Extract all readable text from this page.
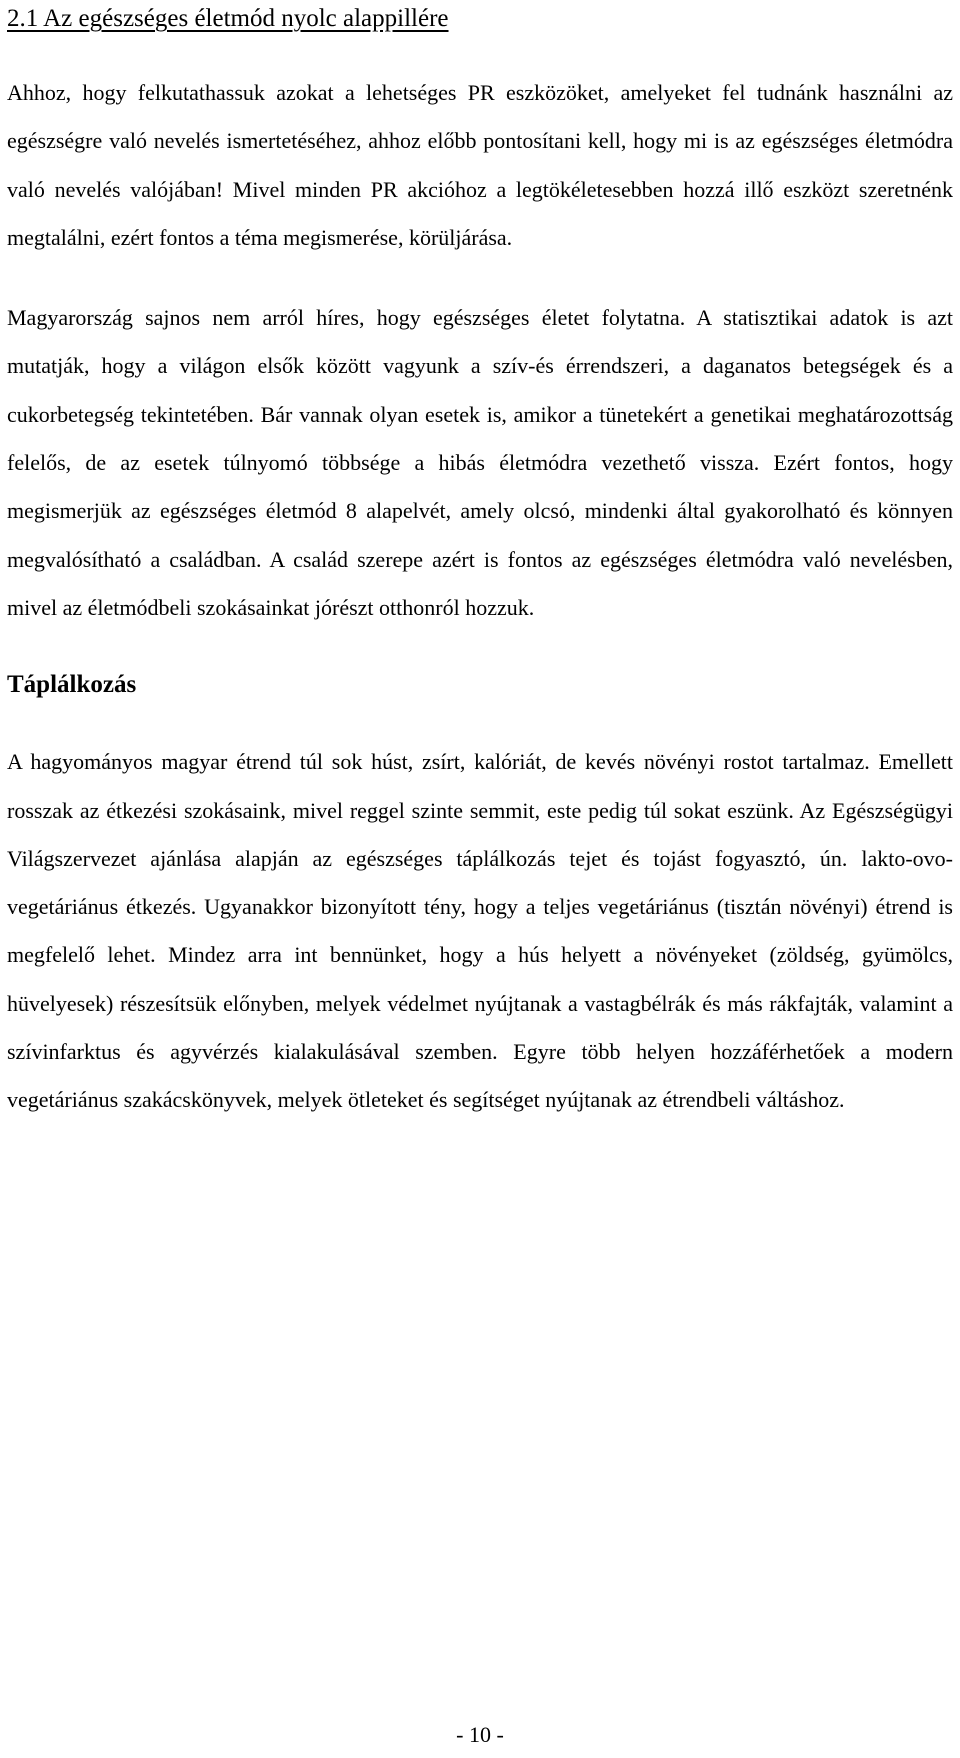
2.1 Az egészséges életmód nyolc alappillére

Ahhoz, hogy felkutathassuk azokat a lehetséges PR eszközöket, amelyeket fel tudnánk használni az egészségre való nevelés ismertetéséhez, ahhoz előbb pontosítani kell, hogy mi is az egészséges életmódra való nevelés valójában! Mivel minden PR akcióhoz a legtökéletesebben hozzá illő eszközt szeretnénk megtalálni, ezért fontos a téma megismerése, körüljárása.

Magyarország sajnos nem arról híres, hogy egészséges életet folytatna. A statisztikai adatok is azt mutatják, hogy a világon elsők között vagyunk a szív-és érrendszeri, a daganatos betegségek és a cukorbetegség tekintetében. Bár vannak olyan esetek is, amikor a tünetekért a genetikai meghatározottság felelős, de az esetek túlnyomó többsége a hibás életmódra vezethető vissza. Ezért fontos, hogy megismerjük az egészséges életmód 8 alapelvét, amely olcsó, mindenki által gyakorolható és könnyen megvalósítható a családban. A család szerepe azért is fontos az egészséges életmódra való nevelésben, mivel az életmódbeli szokásainkat jórészt otthonról hozzuk.

Táplálkozás

A hagyományos magyar étrend túl sok húst, zsírt, kalóriát, de kevés növényi rostot tartalmaz. Emellett rosszak az étkezési szokásaink, mivel reggel szinte semmit, este pedig túl sokat eszünk. Az Egészségügyi Világszervezet ajánlása alapján az egészséges táplálkozás tejet és tojást fogyasztó, ún. lakto-ovo-vegetáriánus étkezés. Ugyanakkor bizonyított tény, hogy a teljes vegetáriánus (tisztán növényi) étrend is megfelelő lehet. Mindez arra int bennünket, hogy a hús helyett a növényeket (zöldség, gyümölcs, hüvelyesek) részesítsük előnyben, melyek védelmet nyújtanak a vastagbélrák és más rákfajták, valamint a szívinfarktus és agyvérzés kialakulásával szemben. Egyre több helyen hozzáférhetőek a modern vegetáriánus szakácskönyvek, melyek ötleteket és segítséget nyújtanak az étrendbeli váltáshoz.

- 10 -
